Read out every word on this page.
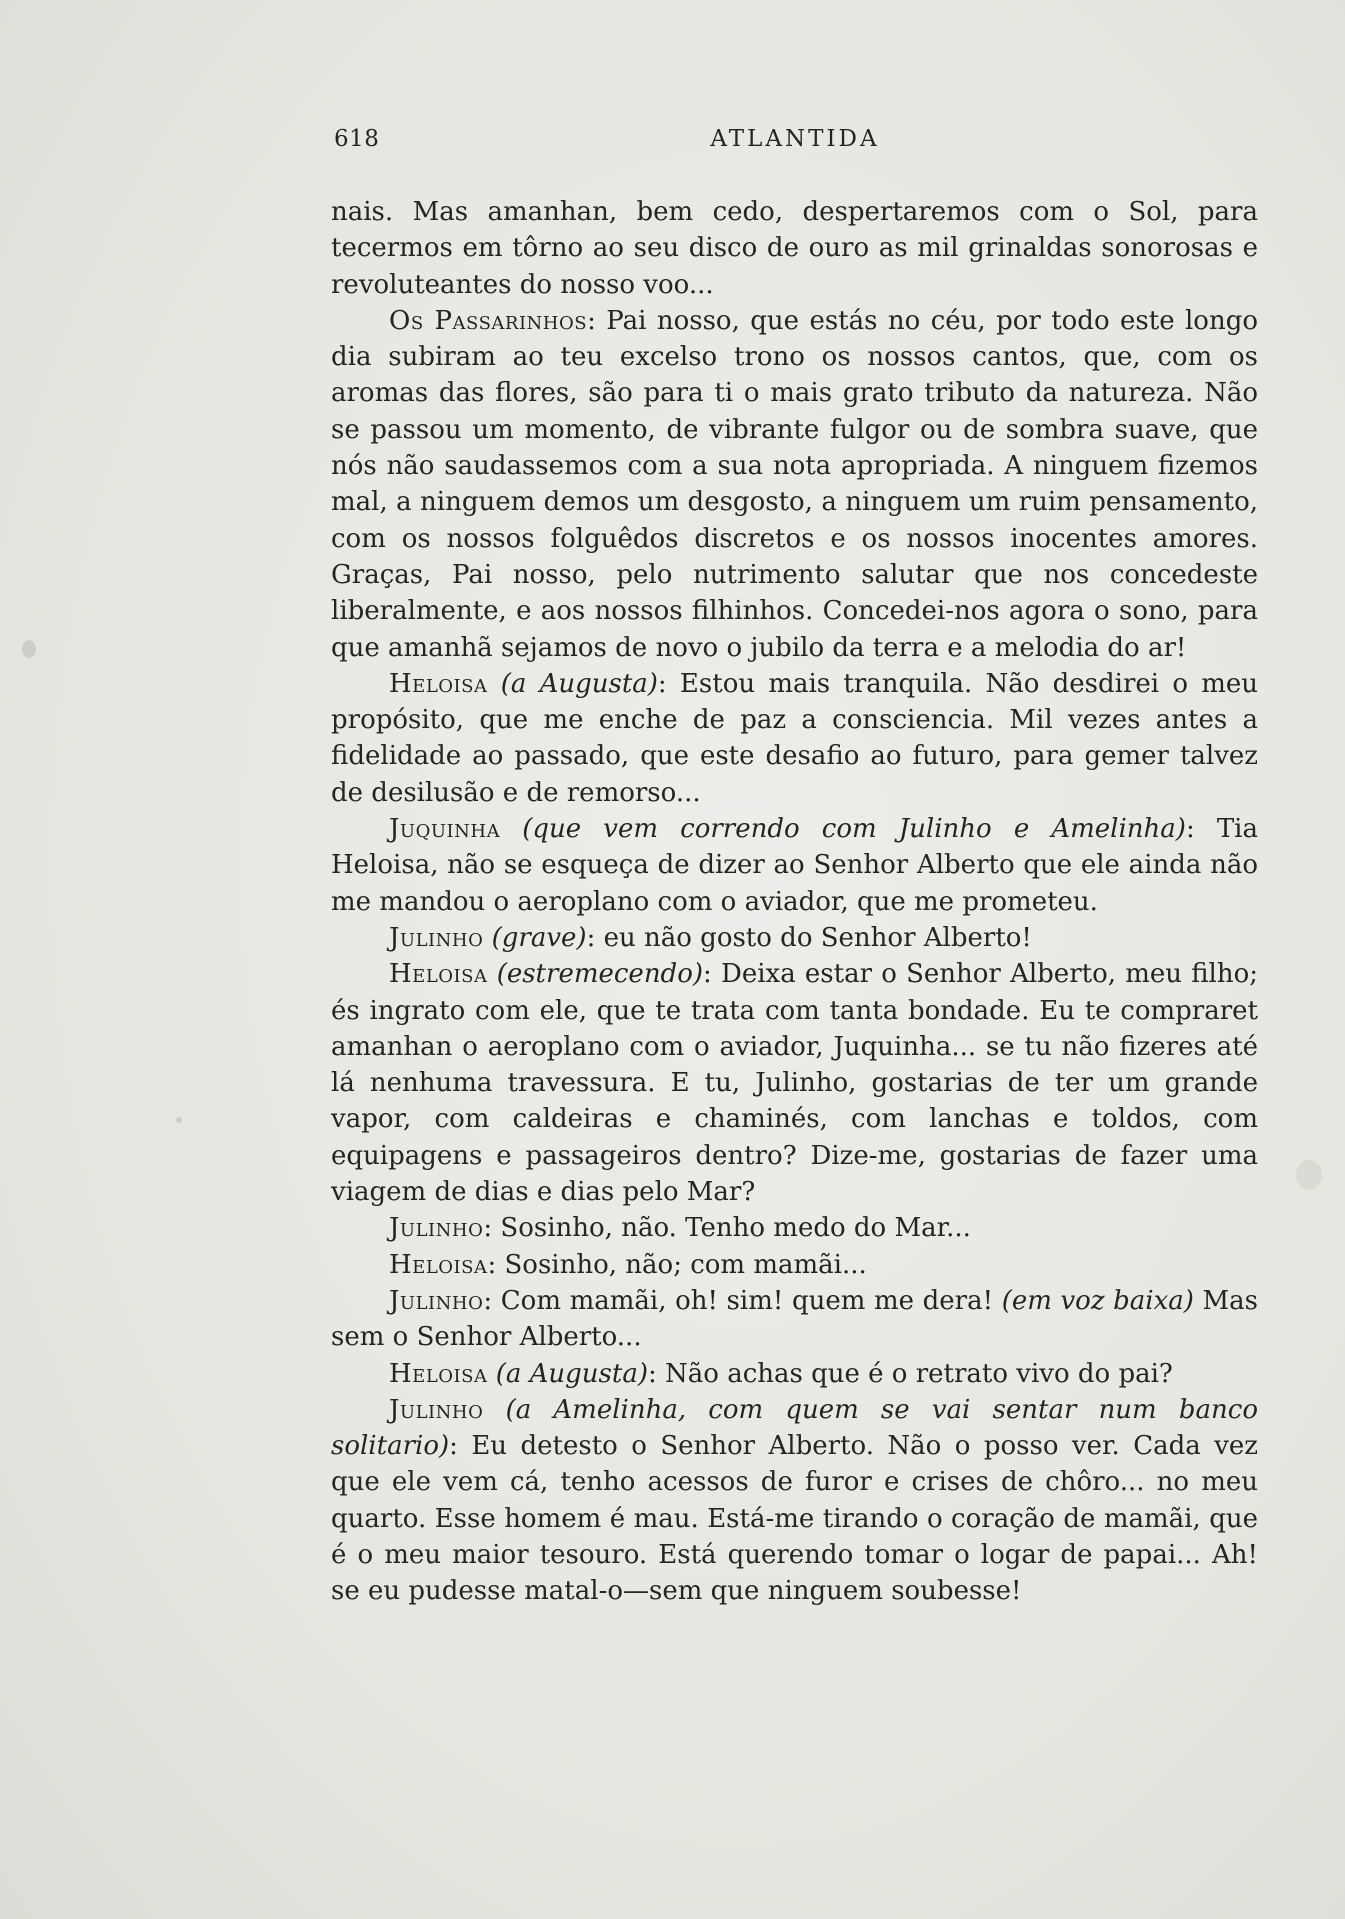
618	ATLANTIDA

nais. Mas amanhan, bem cedo, despertaremos com o Sol, para tecermos em tôrno ao seu disco de ouro as mil grinaldas sonorosas e revoluteantes do nosso voo...

Os Passarinhos: Pai nosso, que estás no céu, por todo este longo dia subiram ao teu excelso trono os nossos cantos, que, com os aromas das flores, são para ti o mais grato tributo da natureza. Não se passou um momento, de vibrante fulgor ou de sombra suave, que nós não saudassemos com a sua nota apropriada. A ninguem fizemos mal, a ninguem demos um desgosto, a ninguem um ruim pensamento, com os nossos folguêdos discretos e os nossos inocentes amores. Graças, Pai nosso, pelo nutrimento salutar que nos concedeste liberalmente, e aos nossos filhinhos. Concedei-nos agora o sono, para que amanhã sejamos de novo o jubilo da terra e a melodia do ar!

Heloisa (a Augusta): Estou mais tranquila. Não desdirei o meu propósito, que me enche de paz a consciencia. Mil vezes antes a fidelidade ao passado, que este desafio ao futuro, para gemer talvez de desilusão e de remorso...

Juquinha (que vem correndo com Julinho e Amelinha): Tia Heloisa, não se esqueça de dizer ao Senhor Alberto que ele ainda não me mandou o aeroplano com o aviador, que me prometeu.

Julinho (grave): eu não gosto do Senhor Alberto!

Heloisa (estremecendo): Deixa estar o Senhor Alberto, meu filho; és ingrato com ele, que te trata com tanta bondade. Eu te compraret amanhan o aeroplano com o aviador, Juquinha... se tu não fizeres até lá nenhuma travessura. E tu, Julinho, gostarias de ter um grande vapor, com caldeiras e chaminés, com lanchas e toldos, com equipagens e passageiros dentro? Dize-me, gostarias de fazer uma viagem de dias e dias pelo Mar?

Julinho: Sosinho, não. Tenho medo do Mar...

Heloisa: Sosinho, não; com mamãi...

Julinho: Com mamãi, oh! sim! quem me dera! (em voz baixa) Mas sem o Senhor Alberto...

Heloisa (a Augusta): Não achas que é o retrato vivo do pai?

Julinho (a Amelinha, com quem se vai sentar num banco solitario): Eu detesto o Senhor Alberto. Não o posso ver. Cada vez que ele vem cá, tenho acessos de furor e crises de chôro... no meu quarto. Esse homem é mau. Está-me tirando o coração de mamãi, que é o meu maior tesouro. Está querendo tomar o logar de papai... Ah! se eu pudesse matal-o—sem que ninguem soubesse!
